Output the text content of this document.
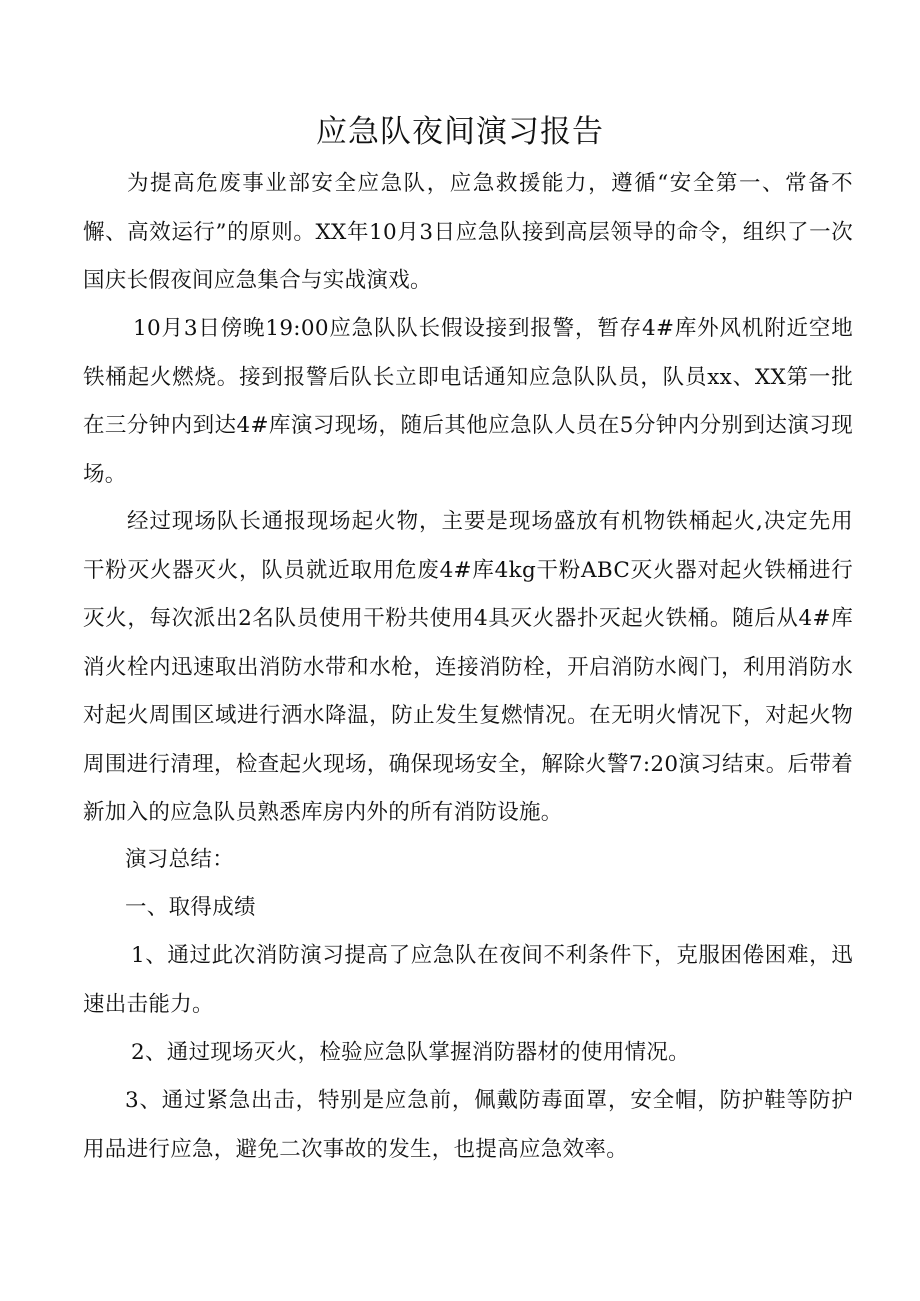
应急队夜间演习报告

为提高危废事业部安全应急队，应急救援能力，遵循“安全第一、常备不懈、高效运行”的原则。XX年10月3日应急队接到高层领导的命令，组织了一次国庆长假夜间应急集合与实战演戏。

10月3日傍晚19:00应急队队长假设接到报警，暂存4#库外风机附近空地铁桶起火燃烧。接到报警后队长立即电话通知应急队队员，队员xx、XX第一批在三分钟内到达4#库演习现场，随后其他应急队人员在5分钟内分别到达演习现场。

经过现场队长通报现场起火物，主要是现场盛放有机物铁桶起火,决定先用干粉灭火器灭火，队员就近取用危废4#库4kg干粉ABC灭火器对起火铁桶进行灭火，每次派出2名队员使用干粉共使用4具灭火器扑灭起火铁桶。随后从4#库消火栓内迅速取出消防水带和水枪，连接消防栓，开启消防水阀门，利用消防水对起火周围区域进行洒水降温，防止发生复燃情况。在无明火情况下，对起火物周围进行清理，检查起火现场，确保现场安全，解除火警7:20演习结束。后带着新加入的应急队员熟悉库房内外的所有消防设施。

演习总结：

一、取得成绩

1、通过此次消防演习提高了应急队在夜间不利条件下，克服困倦困难，迅速出击能力。

2、通过现场灭火，检验应急队掌握消防器材的使用情况。

3、通过紧急出击，特别是应急前，佩戴防毒面罩，安全帽，防护鞋等防护用品进行应急，避免二次事故的发生，也提高应急效率。
